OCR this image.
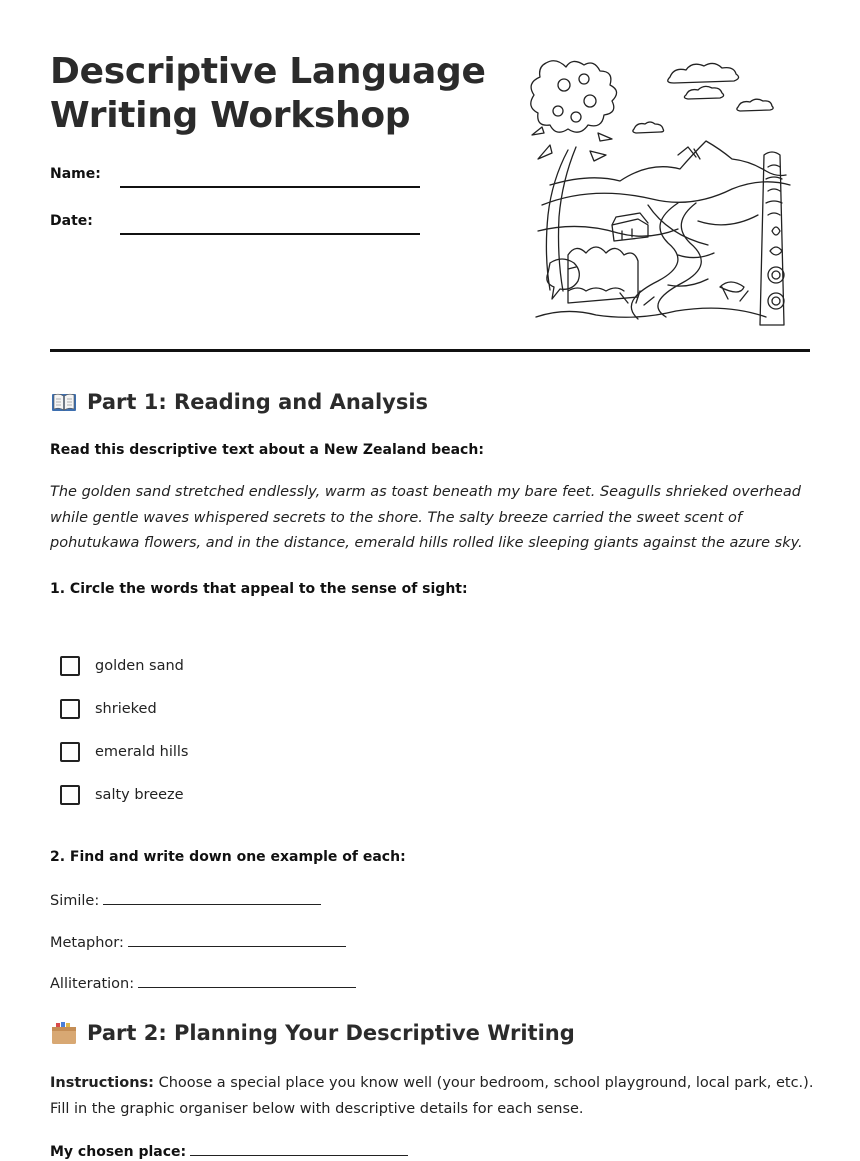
Descriptive Language
Writing Workshop
Name:
Date:
Part 1: Reading and Analysis
Read this descriptive text about a New Zealand beach:

The golden sand stretched endlessly, warm as toast beneath my bare feet. Seagulls shrieked overhead while gentle waves whispered secrets to the shore. The salty breeze carried the sweet scent of pohutukawa flowers, and in the distance, emerald hills rolled like sleeping giants against the azure sky.

1. Circle the words that appeal to the sense of sight:
golden sand
shrieked
emerald hills
salty breeze
2. Find and write down one example of each:
Simile:
Metaphor:
Alliteration:
Part 2: Planning Your Descriptive Writing

Instructions: Choose a special place you know well (your bedroom, school playground, local park, etc.). Fill in the graphic organiser below with descriptive details for each sense.

My chosen place:
